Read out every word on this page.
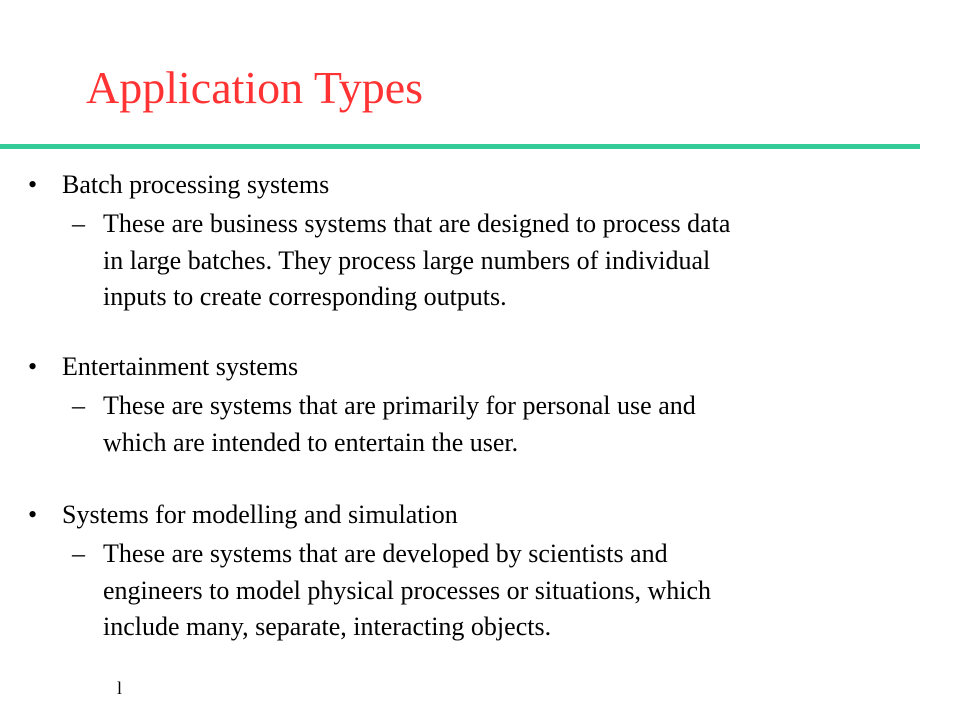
Application Types
• Batch processing systems
– These are business systems that are designed to process data
in large batches. They process large numbers of individual
inputs to create corresponding outputs.
• Entertainment systems
– These are systems that are primarily for personal use and
which are intended to entertain the user.
• Systems for modelling and simulation
– These are systems that are developed by scientists and
engineers to model physical processes or situations, which
include many, separate, interacting objects.
l
